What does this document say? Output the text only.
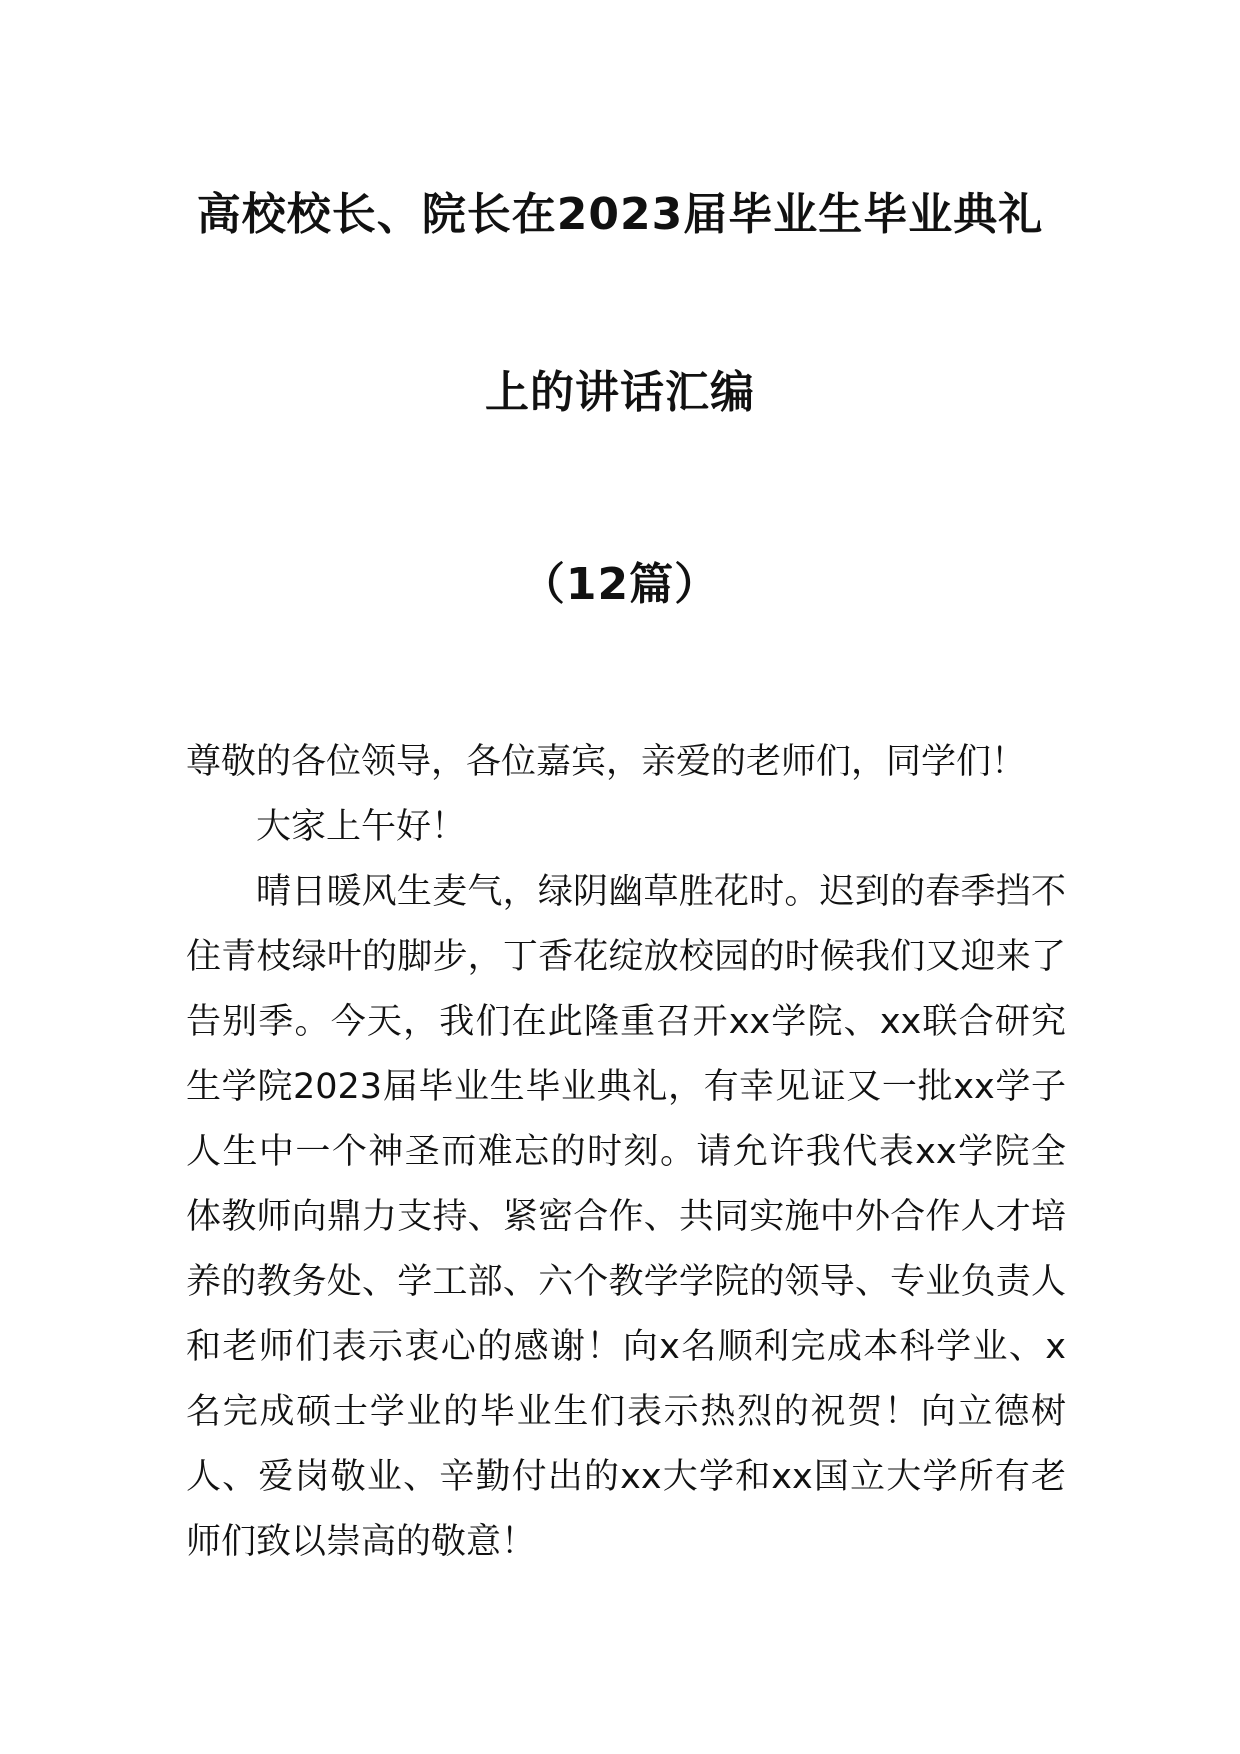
高校校长、院长在2023届毕业生毕业典礼
上的讲话汇编
（12篇）

尊敬的各位领导，各位嘉宾，亲爱的老师们，同学们！

大家上午好！

晴日暖风生麦气，绿阴幽草胜花时。迟到的春季挡不住青枝绿叶的脚步，丁香花绽放校园的时候我们又迎来了告别季。今天，我们在此隆重召开xx学院、xx联合研究生学院2023届毕业生毕业典礼，有幸见证又一批xx学子人生中一个神圣而难忘的时刻。请允许我代表xx学院全体教师向鼎力支持、紧密合作、共同实施中外合作人才培养的教务处、学工部、六个教学学院的领导、专业负责人和老师们表示衷心的感谢！向x名顺利完成本科学业、x名完成硕士学业的毕业生们表示热烈的祝贺！向立德树人、爱岗敬业、辛勤付出的xx大学和xx国立大学所有老师们致以崇高的敬意！
